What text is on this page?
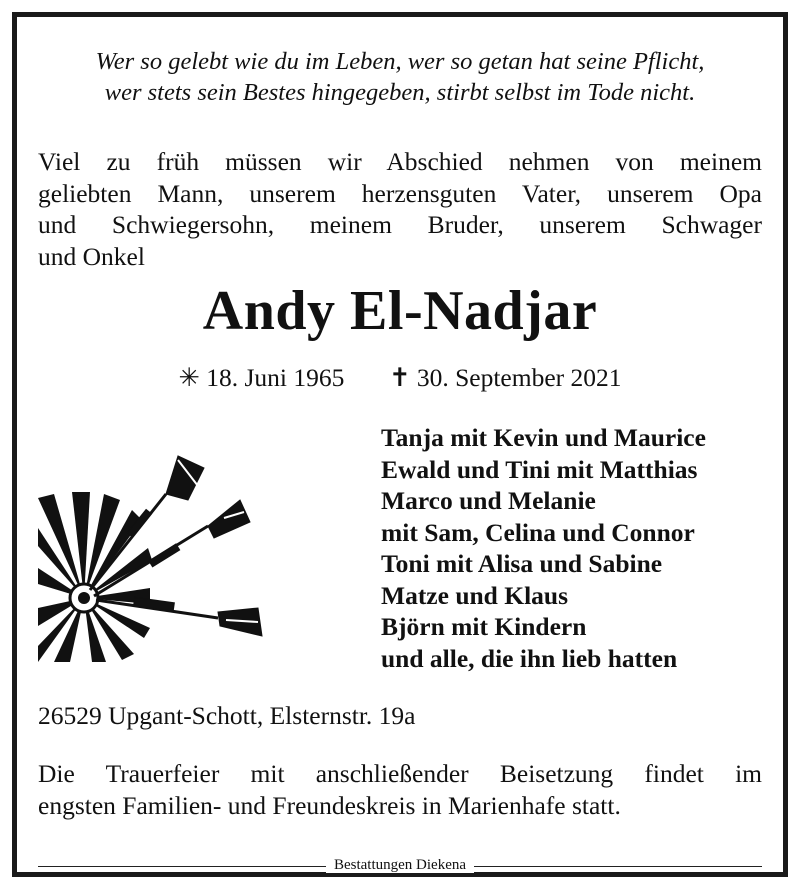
Wer so gelebt wie du im Leben, wer so getan hat seine Pflicht,
wer stets sein Bestes hingegeben, stirbt selbst im Tode nicht.
Viel zu früh müssen wir Abschied nehmen von meinem
geliebten Mann, unserem herzensguten Vater, unserem Opa
und Schwiegersohn, meinem Bruder, unserem Schwager
und Onkel
Andy El-Nadjar
✳ 18. Juni 1965 ✝ 30. September 2021
Tanja mit Kevin und Maurice
Ewald und Tini mit Matthias
Marco und Melanie
mit Sam, Celina und Connor
Toni mit Alisa und Sabine
Matze und Klaus
Björn mit Kindern
und alle, die ihn lieb hatten
26529 Upgant-Schott, Elsternstr. 19a
Die Trauerfeier mit anschließender Beisetzung findet im
engsten Familien- und Freundeskreis in Marienhafe statt.
Bestattungen Diekena
